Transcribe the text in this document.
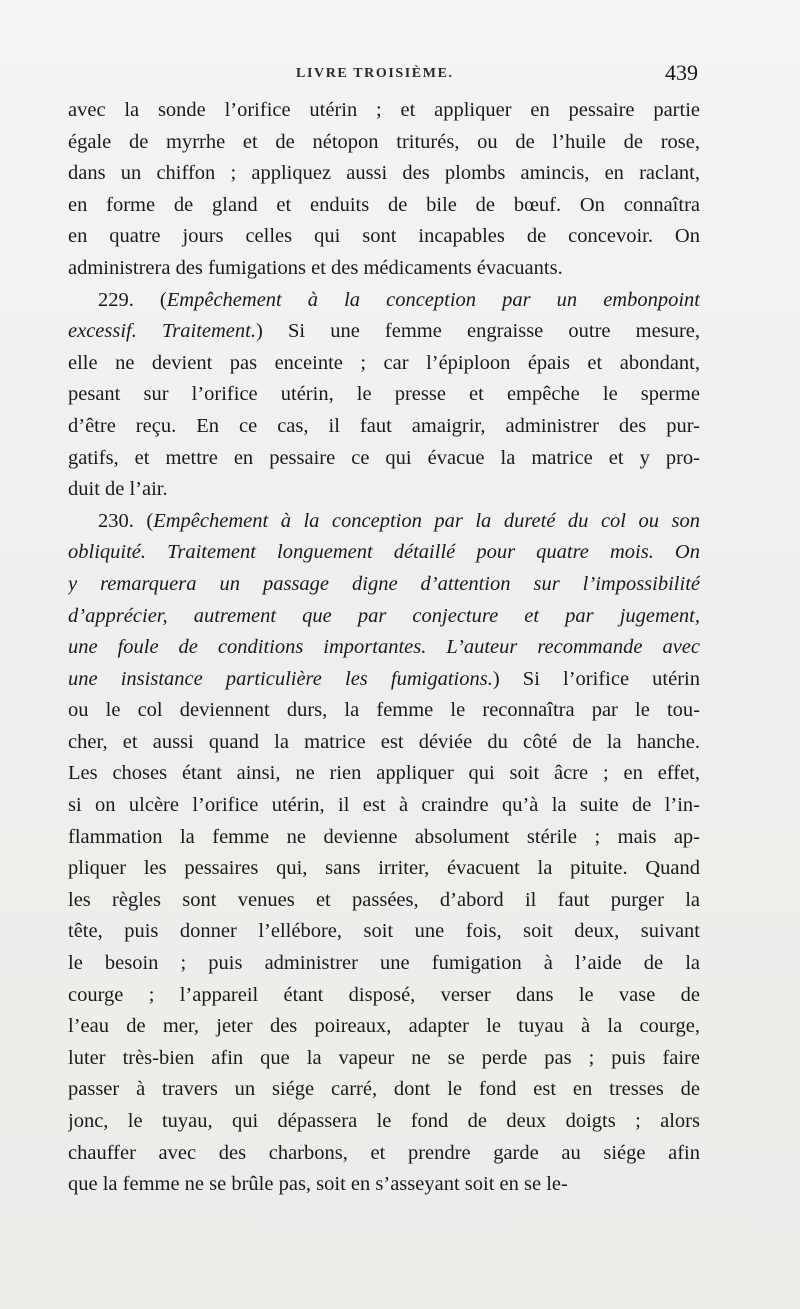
LIVRE TROISIÈME.	439
avec la sonde l’orifice utérin ; et appliquer en pessaire partie
égale de myrrhe et de nétopon triturés, ou de l’huile de rose,
dans un chiffon ; appliquez aussi des plombs amincis, en raclant,
en forme de gland et enduits de bile de bœuf. On connaîtra
en quatre jours celles qui sont incapables de concevoir. On
administrera des fumigations et des médicaments évacuants.
229. (Empêchement à la conception par un embonpoint
excessif. Traitement.) Si une femme engraisse outre mesure,
elle ne devient pas enceinte ; car l’épiploon épais et abondant,
pesant sur l’orifice utérin, le presse et empêche le sperme
d’être reçu. En ce cas, il faut amaigrir, administrer des pur-
gatifs, et mettre en pessaire ce qui évacue la matrice et y pro-
duit de l’air.
230. (Empêchement à la conception par la dureté du col ou son
obliquité. Traitement longuement détaillé pour quatre mois. On
y remarquera un passage digne d’attention sur l’impossibilité
d’apprécier, autrement que par conjecture et par jugement,
une foule de conditions importantes. L’auteur recommande avec
une insistance particulière les fumigations.) Si l’orifice utérin
ou le col deviennent durs, la femme le reconnaîtra par le tou-
cher, et aussi quand la matrice est déviée du côté de la hanche.
Les choses étant ainsi, ne rien appliquer qui soit âcre ; en effet,
si on ulcère l’orifice utérin, il est à craindre qu’à la suite de l’in-
flammation la femme ne devienne absolument stérile ; mais ap-
pliquer les pessaires qui, sans irriter, évacuent la pituite. Quand
les règles sont venues et passées, d’abord il faut purger la
tête, puis donner l’ellébore, soit une fois, soit deux, suivant
le besoin ; puis administrer une fumigation à l’aide de la
courge ; l’appareil étant disposé, verser dans le vase de
l’eau de mer, jeter des poireaux, adapter le tuyau à la courge,
luter très-bien afin que la vapeur ne se perde pas ; puis faire
passer à travers un siége carré, dont le fond est en tresses de
jonc, le tuyau, qui dépassera le fond de deux doigts ; alors
chauffer avec des charbons, et prendre garde au siége afin
que la femme ne se brûle pas, soit en s’asseyant soit en se le-
